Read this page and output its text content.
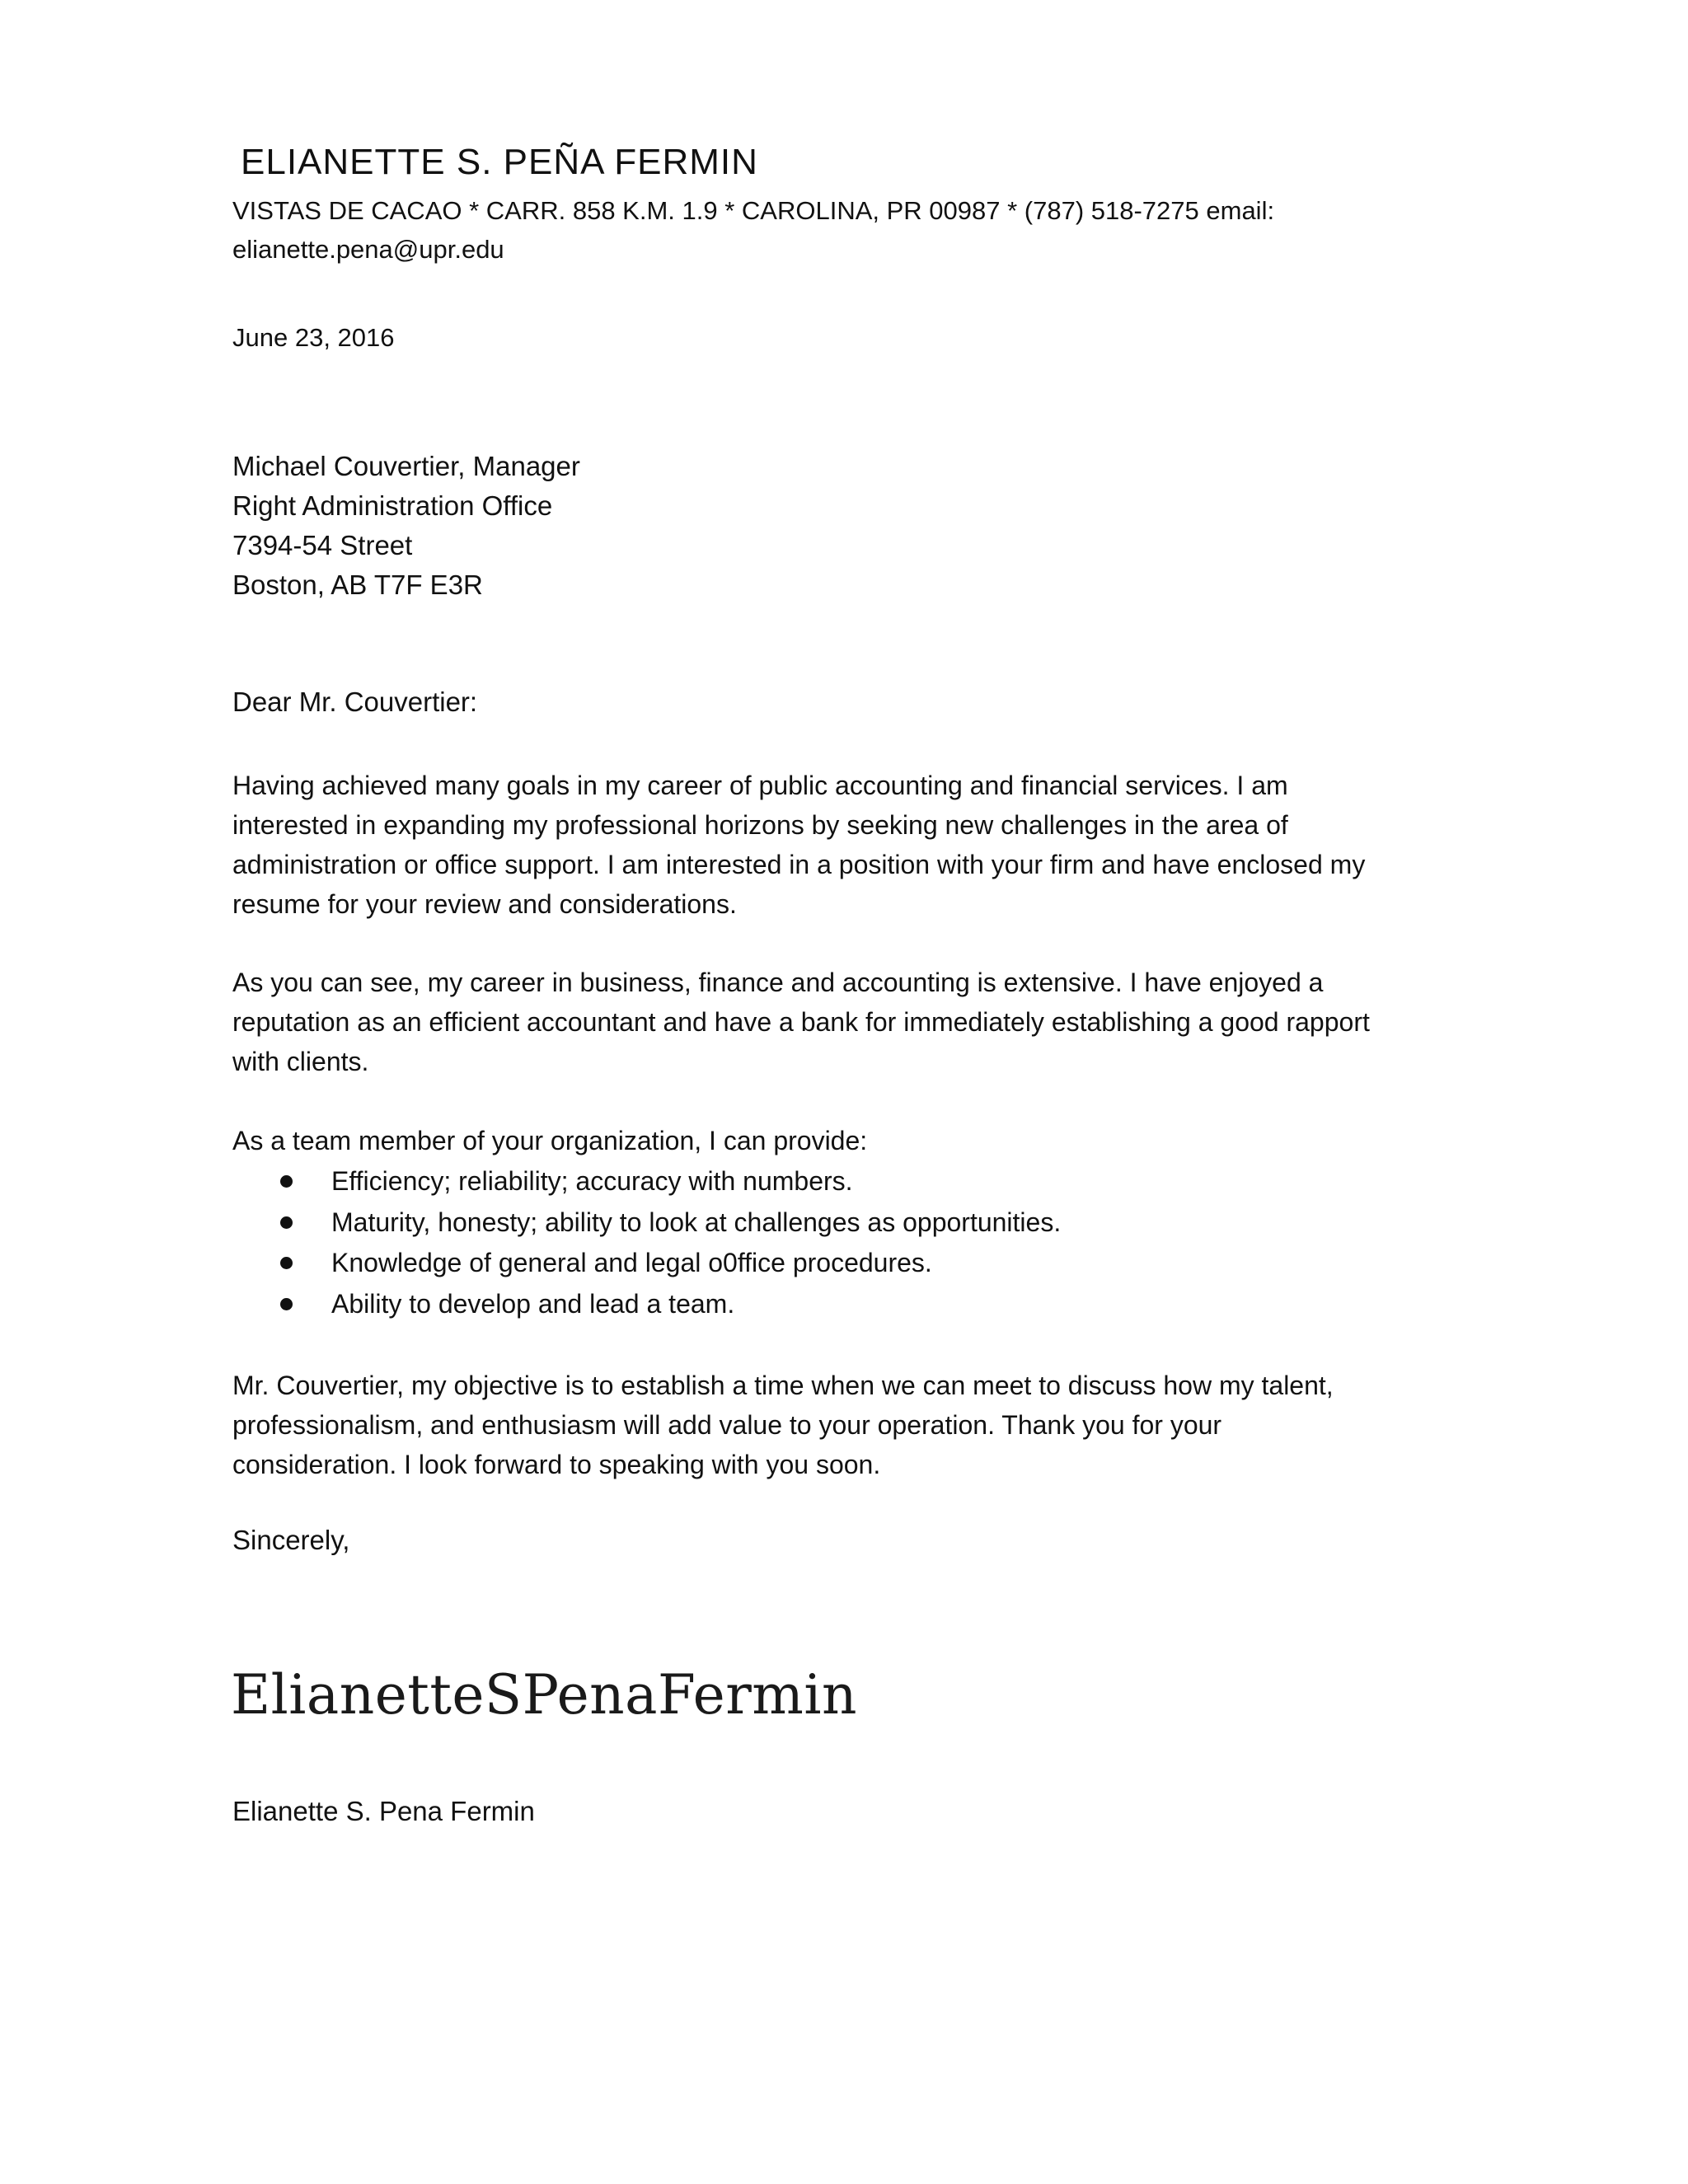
ELIANETTE S. PEÑA FERMIN
VISTAS DE CACAO * CARR. 858 K.M. 1.9 * CAROLINA, PR 00987 * (787) 518-7275 email:
elianette.pena@upr.edu
June 23, 2016
Michael Couvertier, Manager
Right Administration Office
7394-54 Street
Boston, AB T7F E3R
Dear Mr. Couvertier:
Having achieved many goals in my career of public accounting and financial services. I am
interested in expanding my professional horizons by seeking new challenges in the area of
administration or office support. I am interested in a position with your firm and have enclosed my
resume for your review and considerations.
As you can see, my career in business, finance and accounting is extensive. I have enjoyed a
reputation as an efficient accountant and have a bank for immediately establishing a good rapport
with clients.
As a team member of your organization, I can provide:
Efficiency; reliability; accuracy with numbers.
Maturity, honesty; ability to look at challenges as opportunities.
Knowledge of general and legal o0ffice procedures.
Ability to develop and lead a team.
Mr. Couvertier, my objective is to establish a time when we can meet to discuss how my talent,
professionalism, and enthusiasm will add value to your operation. Thank you for your
consideration. I look forward to speaking with you soon.
Sincerely,
ElianetteSPenaFermin
Elianette S. Pena Fermin
